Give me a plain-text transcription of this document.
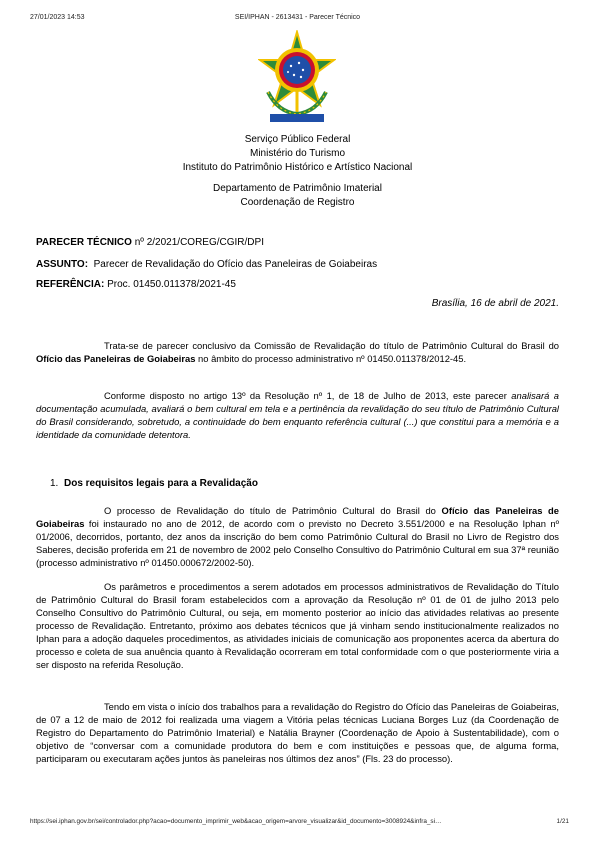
27/01/2023 14:53	SEI/IPHAN - 2613431 - Parecer Técnico
Serviço Público Federal
Ministério do Turismo
Instituto do Patrimônio Histórico e Artístico Nacional
Departamento de Patrimônio Imaterial
Coordenação de Registro
PARECER TÉCNICO nº 2/2021/COREG/CGIR/DPI
ASSUNTO:  Parecer de Revalidação do Ofício das Paneleiras de Goiabeiras
REFERÊNCIA: Proc. 01450.011378/2021-45
Brasília, 16 de abril de 2021.

Trata-se de parecer conclusivo da Comissão de Revalidação do título de Patrimônio Cultural do Brasil do Ofício das Paneleiras de Goiabeiras no âmbito do processo administrativo nº 01450.011378/2012-45.

Conforme disposto no artigo 13º da Resolução nº 1, de 18 de Julho de 2013, este parecer analisará a documentação acumulada, avaliará o bem cultural em tela e a pertinência da revalidação do seu título de Patrimônio Cultural do Brasil considerando, sobretudo, a continuidade do bem enquanto referência cultural (...) que constitui para a memória e a identidade da comunidade detentora.

1. Dos requisitos legais para a Revalidação

O processo de Revalidação do título de Patrimônio Cultural do Brasil do Ofício das Paneleiras de Goiabeiras foi instaurado no ano de 2012, de acordo com o previsto no Decreto 3.551/2000 e na Resolução Iphan nº 01/2006, decorridos, portanto, dez anos da inscrição do bem como Patrimônio Cultural do Brasil no Livro de Registro dos Saberes, decisão proferida em 21 de novembro de 2002 pelo Conselho Consultivo do Patrimônio Cultural em sua 37ª reunião (processo administrativo nº 01450.000672/2002-50).

Os parâmetros e procedimentos a serem adotados em processos administrativos de Revalidação do Título de Patrimônio Cultural do Brasil foram estabelecidos com a aprovação da Resolução nº 01 de 01 de julho 2013 pelo Conselho Consultivo do Patrimônio Cultural, ou seja, em momento posterior ao início das atividades relativas ao presente processo de Revalidação. Entretanto, próximo aos debates técnicos que já vinham sendo institucionalmente realizados no Iphan para a adoção daqueles procedimentos, as atividades iniciais de comunicação aos proponentes acerca da abertura do processo e coleta de sua anuência quanto à Revalidação ocorreram em total conformidade com o que posteriormente viria a ser disposto na referida Resolução.

Tendo em vista o início dos trabalhos para a revalidação do Registro do Ofício das Paneleiras de Goiabeiras, de 07 a 12 de maio de 2012 foi realizada uma viagem a Vitória pelas técnicas Luciana Borges Luz (da Coordenação de Registro do Departamento do Patrimônio Imaterial) e Natália Brayner (Coordenação de Apoio à Sustentabilidade), com o objetivo de “conversar com a comunidade produtora do bem e com instituições e pessoas que, de alguma forma, participaram ou executaram ações juntos às paneleiras nos últimos dez anos” (Fls. 23 do processo).

https://sei.iphan.gov.br/sei/controlador.php?acao=documento_imprimir_web&acao_origem=arvore_visualizar&id_documento=3008924&infra_si…	1/21
